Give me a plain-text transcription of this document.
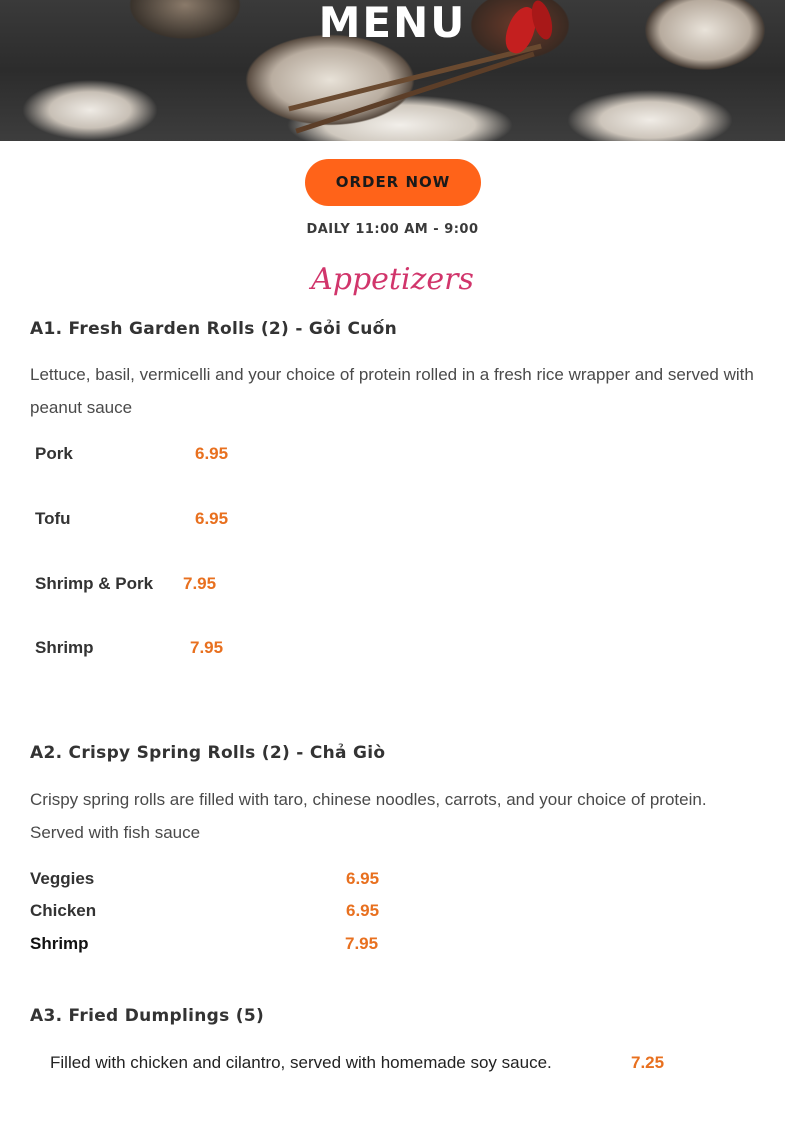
MENU
ORDER NOW
DAILY 11:00 AM - 9:00
Appetizers
A1. Fresh Garden Rolls (2) - Gỏi Cuốn
Lettuce, basil, vermicelli and your choice of protein rolled in a fresh rice wrapper and served with peanut sauce
Pork	6.95
Tofu	6.95
Shrimp & Pork 7.95
Shrimp	7.95
A2. Crispy Spring Rolls (2) - Chả Giò
Crispy spring rolls are filled with taro, chinese noodles, carrots, and your choice of protein. Served with fish sauce
Veggies	6.95
Chicken	6.95
Shrimp	7.95
A3. Fried Dumplings (5)
Filled with chicken and cilantro, served with homemade soy sauce.	7.25
